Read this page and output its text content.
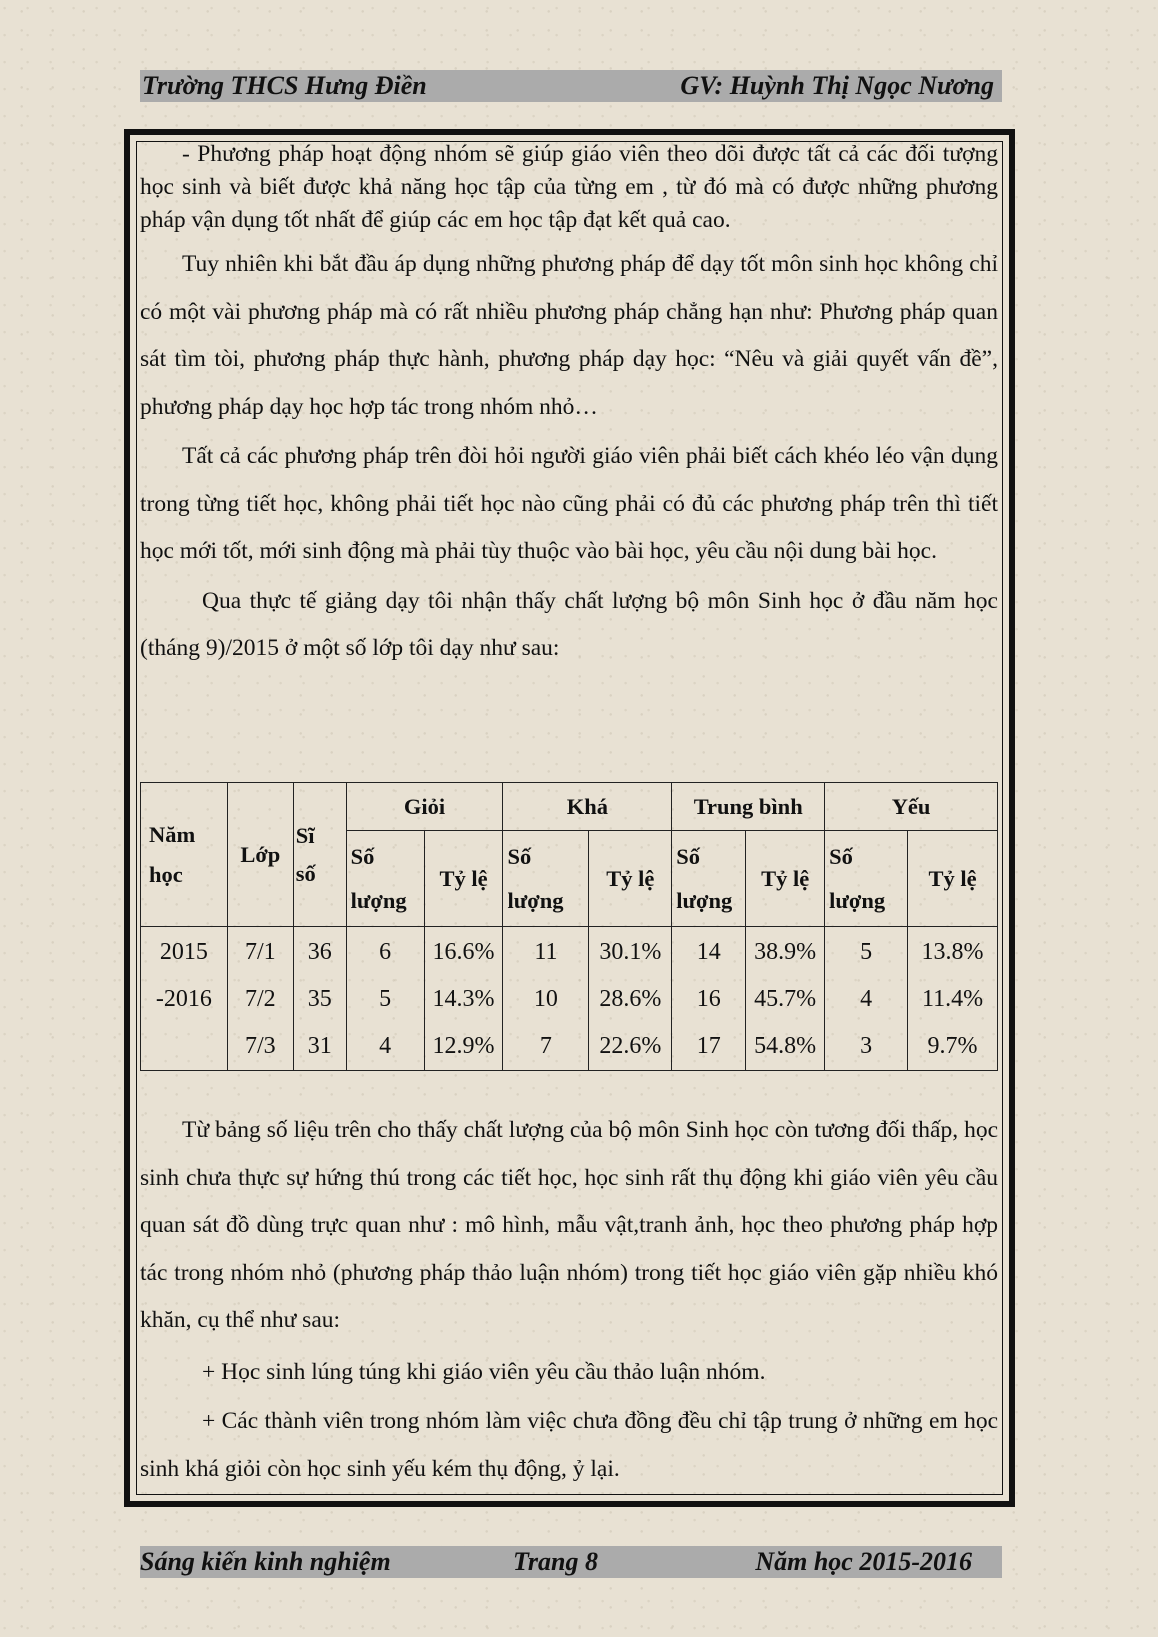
Trường THCS Hưng Điền	GV: Huỳnh Thị Ngọc Nương

- Phương pháp hoạt động nhóm sẽ giúp giáo viên theo dõi được tất cả các đối tượng học sinh và biết được khả năng học tập của từng em , từ đó mà có được những phương pháp vận dụng tốt nhất để giúp các em học tập đạt kết quả cao.

Tuy nhiên khi bắt đầu áp dụng những phương pháp để dạy tốt môn sinh học không chỉ có một vài phương pháp mà có rất nhiều phương pháp chẳng hạn như: Phương pháp quan sát tìm tòi, phương pháp thực hành, phương pháp dạy học: “Nêu và giải quyết vấn đề”, phương pháp dạy học hợp tác trong nhóm nhỏ…

Tất cả các phương pháp trên đòi hỏi người giáo viên phải biết cách khéo léo vận dụng trong từng tiết học, không phải tiết học nào cũng phải có đủ các phương pháp trên thì tiết học mới tốt, mới sinh động mà phải tùy thuộc vào bài học, yêu cầu nội dung bài học.

Qua thực tế giảng dạy tôi nhận thấy chất lượng bộ môn Sinh học ở đầu năm học (tháng 9)/2015 ở một số lớp tôi dạy như sau:

Năm học	Lớp	Sĩ số	Giỏi		Khá		Trung bình		Yếu	
			Số lượng	Tỷ lệ	Số lượng	Tỷ lệ	Số lượng	Tỷ lệ	Số lượng	Tỷ lệ
2015	7/1	36	6	16.6%	11	30.1%	14	38.9%	5	13.8%
-2016	7/2	35	5	14.3%	10	28.6%	16	45.7%	4	11.4%
	7/3	31	4	12.9%	7	22.6%	17	54.8%	3	9.7%

Từ bảng số liệu trên cho thấy chất lượng của bộ môn Sinh học còn tương đối thấp, học sinh chưa thực sự hứng thú trong các tiết học, học sinh rất thụ động khi giáo viên yêu cầu quan sát đồ dùng trực quan như : mô hình, mẫu vật,tranh ảnh, học theo phương pháp hợp tác trong nhóm nhỏ (phương pháp thảo luận nhóm) trong tiết học giáo viên gặp nhiều khó khăn, cụ thể như sau:

+ Học sinh lúng túng khi giáo viên yêu cầu thảo luận nhóm.

+ Các thành viên trong nhóm làm việc chưa đồng đều chỉ tập trung ở những em học sinh khá giỏi còn học sinh yếu kém thụ động, ỷ lại.

Sáng kiến kinh nghiệm	Trang 8	Năm học 2015-2016
